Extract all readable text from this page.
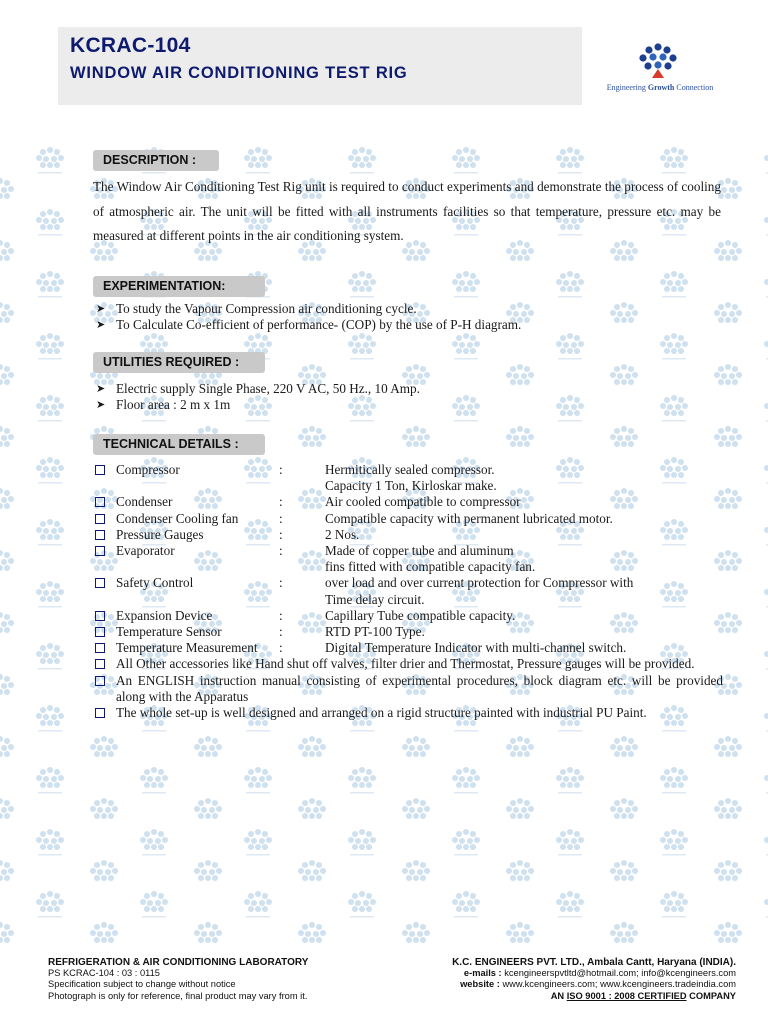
KCRAC-104
WINDOW AIR CONDITIONING TEST RIG
Engineering Growth Connection
DESCRIPTION :
The Window Air Conditioning Test Rig unit is required to conduct experiments and demonstrate the process of cooling of atmospheric air. The unit will be fitted with all instruments facilities so that temperature, pressure etc. may be measured at different points in the air conditioning system.
EXPERIMENTATION:
➤ To study the Vapour Compression air conditioning cycle.
➤ To Calculate Co-efficient of performance- (COP) by the use of P-H diagram.
UTILITIES REQUIRED :
➤ Electric supply Single Phase, 220 V AC, 50 Hz., 10 Amp.
➤ Floor area : 2 m x 1m
TECHNICAL DETAILS :
Compressor	:	Hermitically sealed compressor.
Capacity 1 Ton, Kirloskar make.
Condenser	:	Air cooled compatible to compressor
Condenser Cooling fan	:	Compatible capacity with permanent lubricated motor.
Pressure Gauges	:	2 Nos.
Evaporator	:	Made of copper tube and aluminum
fins fitted with compatible capacity fan.
Safety Control	:	over load and over current protection for Compressor with
Time delay circuit.
Expansion Device	:	Capillary Tube compatible capacity.
Temperature Sensor	:	RTD PT-100 Type.
Temperature Measurement :	Digital Temperature Indicator with multi-channel switch.
All Other accessories like Hand shut off valves, filter drier and Thermostat, Pressure gauges will be provided.
An ENGLISH instruction manual consisting of experimental procedures, block diagram etc. will be provided along with the Apparatus
The whole set-up is well designed and arranged on a rigid structure painted with industrial PU Paint.
REFRIGERATION & AIR CONDITIONING LABORATORY
PS KCRAC-104 : 03 : 0115
Specification subject to change without notice
Photograph is only for reference, final product may vary from it.
K.C. ENGINEERS PVT. LTD., Ambala Cantt, Haryana (INDIA).
e-mails : kcengineerspvtltd@hotmail.com; info@kcengineers.com
website : www.kcengineers.com; www.kcengineers.tradeindia.com
AN ISO 9001 : 2008 CERTIFIED COMPANY
